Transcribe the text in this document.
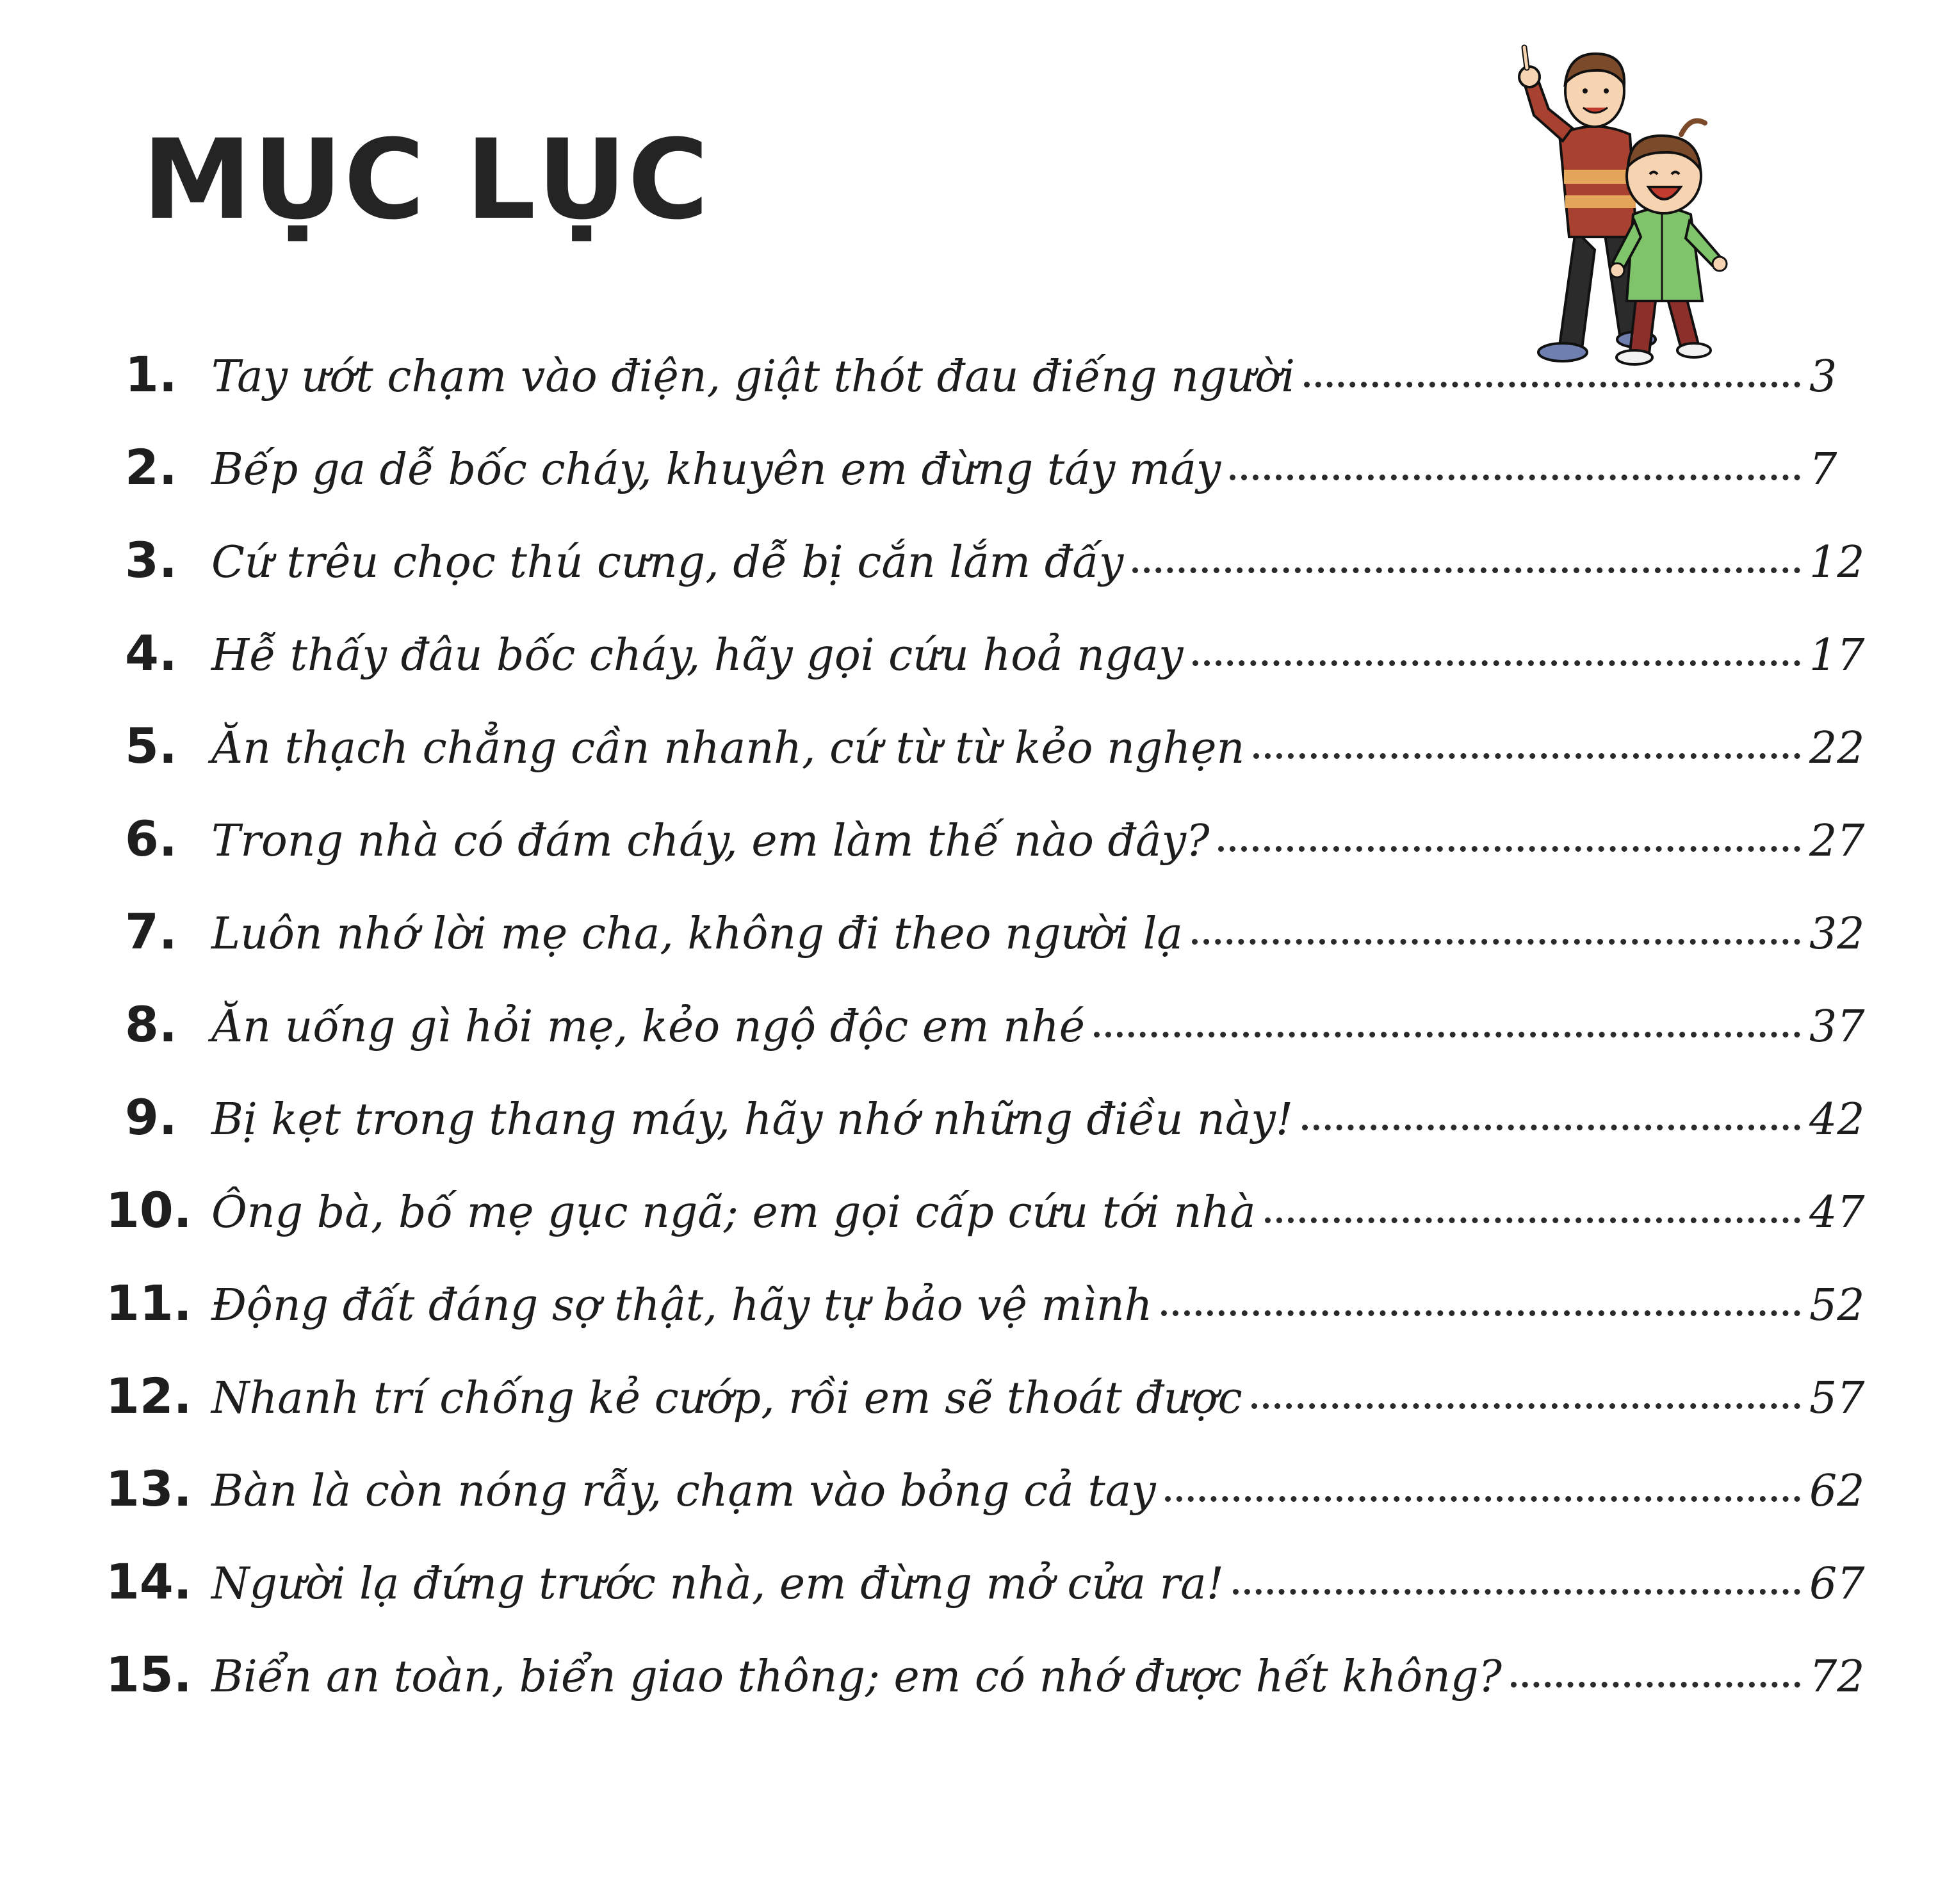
MỤC LỤC
1. Tay ướt chạm vào điện, giật thót đau điếng người	3
2. Bếp ga dễ bốc cháy, khuyên em đừng táy máy	7
3. Cứ trêu chọc thú cưng, dễ bị cắn lắm đấy	12
4. Hễ thấy đâu bốc cháy, hãy gọi cứu hoả ngay	17
5. Ăn thạch chẳng cần nhanh, cứ từ từ kẻo nghẹn	22
6. Trong nhà có đám cháy, em làm thế nào đây?	27
7. Luôn nhớ lời mẹ cha, không đi theo người lạ	32
8. Ăn uống gì hỏi mẹ, kẻo ngộ độc em nhé	37
9. Bị kẹt trong thang máy, hãy nhớ những điều này!	42
10. Ông bà, bố mẹ gục ngã; em gọi cấp cứu tới nhà	47
11. Động đất đáng sợ thật, hãy tự bảo vệ mình	52
12. Nhanh trí chống kẻ cướp, rồi em sẽ thoát được	57
13. Bàn là còn nóng rẫy, chạm vào bỏng cả tay	62
14. Người lạ đứng trước nhà, em đừng mở cửa ra!	67
15. Biển an toàn, biển giao thông; em có nhớ được hết không?	72
